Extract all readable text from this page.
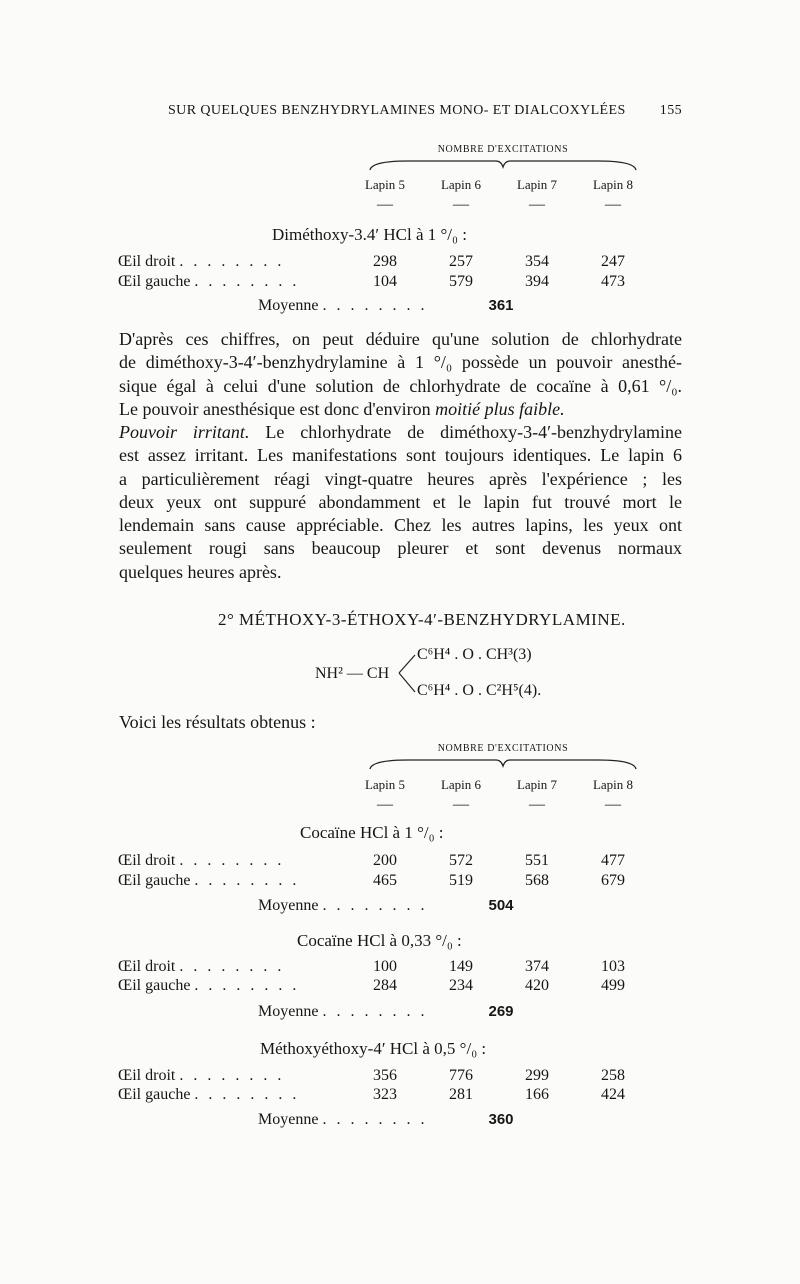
SUR QUELQUES BENZHYDRYLAMINES MONO- ET DIALCOXYLÉES 155
NOMBRE D'EXCITATIONS
Lapin 5	Lapin 6	Lapin 7	Lapin 8
—	—	—	—
Diméthoxy-3.4′ HCl à 1 °/₀ :
Œil droit . . . . . . . .	298	257	354	247
Œil gauche . . . . . . . .	104	579	394	473
Moyenne . . . . . . . .	361
D'après ces chiffres, on peut déduire qu'une solution de chlorhydrate
de diméthoxy-3-4′-benzhydrylamine à 1 °/₀ possède un pouvoir anesthé-
sique égal à celui d'une solution de chlorhydrate de cocaïne à 0,61 °/₀.
Le pouvoir anesthésique est donc d'environ moitié plus faible.
Pouvoir irritant. Le chlorhydrate de diméthoxy-3-4′-benzhydrylamine
est assez irritant. Les manifestations sont toujours identiques. Le lapin 6
a particulièrement réagi vingt-quatre heures après l'expérience ; les
deux yeux ont suppuré abondamment et le lapin fut trouvé mort le
lendemain sans cause appréciable. Chez les autres lapins, les yeux ont
seulement rougi sans beaucoup pleurer et sont devenus normaux
quelques heures après.
2° MÉTHOXY-3-ÉTHOXY-4′-BENZHYDRYLAMINE.
NH² — CH
C⁶H⁴ . O . CH³(3)
C⁶H⁴ . O . C²H⁵(4).
Voici les résultats obtenus :
NOMBRE D'EXCITATIONS
Lapin 5	Lapin 6	Lapin 7	Lapin 8
—	—	—	—
Cocaïne HCl à 1 °/₀ :
Œil droit . . . . . . . .	200	572	551	477
Œil gauche . . . . . . . .	465	519	568	679
Moyenne . . . . . . . .	504
Cocaïne HCl à 0,33 °/₀ :
Œil droit . . . . . . . .	100	149	374	103
Œil gauche . . . . . . . .	284	234	420	499
Moyenne . . . . . . . .	269
Méthoxyéthoxy-4′ HCl à 0,5 °/₀ :
Œil droit . . . . . . . .	356	776	299	258
Œil gauche . . . . . . . .	323	281	166	424
Moyenne . . . . . . . .	360
